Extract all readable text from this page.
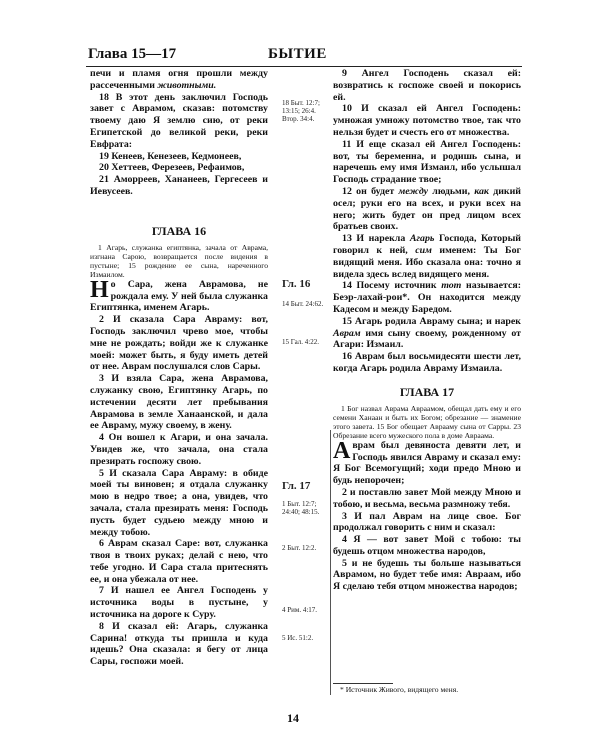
Глава 15—17	БЫТИЕ

печи и пламя огня прошли между рассеченными животными.

18 В этот день заключил Господь завет с Аврамом, сказав: потомству твоему даю Я землю сию, от реки Египетской до великой реки, реки Евфрата:

19 Кенеев, Кенезеев, Кедмонеев,

20 Хеттеев, Ферезеев, Рефаимов,

21 Аморреев, Хананеев, Гергесеев и Иевусеев.

ГЛАВА 16

1 Агарь, служанка египтянка, зачала от Аврама, изгнана Сарою, возвращается после видения в пустыне; 15 рождение ее сына, нареченного Измаилом.

Но Сара, жена Аврамова, не рождала ему. У ней была служанка Египтянка, именем Агарь.

2 И сказала Сара Авраму: вот, Господь заключил чрево мое, чтобы мне не рождать; войди же к служанке моей: может быть, я буду иметь детей от нее. Аврам послушался слов Сары.

3 И взяла Сара, жена Аврамова, служанку свою, Египтянку Агарь, по истечении десяти лет пребывания Аврамова в земле Ханаанской, и дала ее Авраму, мужу своему, в жену.

4 Он вошел к Агари, и она зачала. Увидев же, что зачала, она стала презирать госпожу свою.

5 И сказала Сара Авраму: в обиде моей ты виновен; я отдала служанку мою в недро твое; а она, увидев, что зачала, стала презирать меня: Господь пусть будет судьею между мною и между тобою.

6 Аврам сказал Саре: вот, служанка твоя в твоих руках; делай с нею, что тебе угодно. И Сара стала притеснять ее, и она убежала от нее.

7 И нашел ее Ангел Господень у источника воды в пустыне, у источника на дороге к Суру.

8 И сказал ей: Агарь, служанка Сарина! откуда ты пришла и куда идешь? Она сказала: я бегу от лица Сары, госпожи моей.

18 Быт. 12:7; 13:15; 26:4. Втор. 34:4.
Гл. 16
14 Быт. 24:62.
15 Гал. 4:22.
Гл. 17
1 Быт. 12:7; 24:40; 48:15.
2 Быт. 12:2.
4 Рим. 4:17.
5 Ис. 51:2.

9 Ангел Господень сказал ей: возвратись к госпоже своей и покорись ей.

10 И сказал ей Ангел Господень: умножая умножу потомство твое, так что нельзя будет и счесть его от множества.

11 И еще сказал ей Ангел Господень: вот, ты беременна, и родишь сына, и наречешь ему имя Измаил, ибо услышал Господь страдание твое;

12 он будет между людьми, как дикий осел; руки его на всех, и руки всех на него; жить будет он пред лицом всех братьев своих.

13 И нарекла Агарь Господа, Который говорил к ней, сим именем: Ты Бог видящий меня. Ибо сказала она: точно я видела здесь вслед видящего меня.

14 Посему источник тот называется: Беэр-лахай-рои*. Он находится между Кадесом и между Баредом.

15 Агарь родила Авраму сына; и нарек Аврам имя сыну своему, рожденному от Агари: Измаил.

16 Аврам был восьмидесяти шести лет, когда Агарь родила Авраму Измаила.

ГЛАВА 17

1 Бог назвал Аврама Авраамом, обещал дать ему и его семени Ханаан и быть их Богом; обрезание — знамение этого завета. 15 Бог обещает Аврааму сына от Сарры. 23 Обрезание всего мужеского пола в доме Авраама.

Аврам был девяноста девяти лет, и Господь явился Авраму и сказал ему: Я Бог Всемогущий; ходи предо Мною и будь непорочен;

2 и поставлю завет Мой между Мною и тобою, и весьма, весьма размножу тебя.

3 И пал Аврам на лице свое. Бог продолжал говорить с ним и сказал:

4 Я — вот завет Мой с тобою: ты будешь отцом множества народов,

5 и не будешь ты больше называться Аврамом, но будет тебе имя: Авраам, ибо Я сделаю тебя отцом множества народов;

* Источник Живого, видящего меня.
14
